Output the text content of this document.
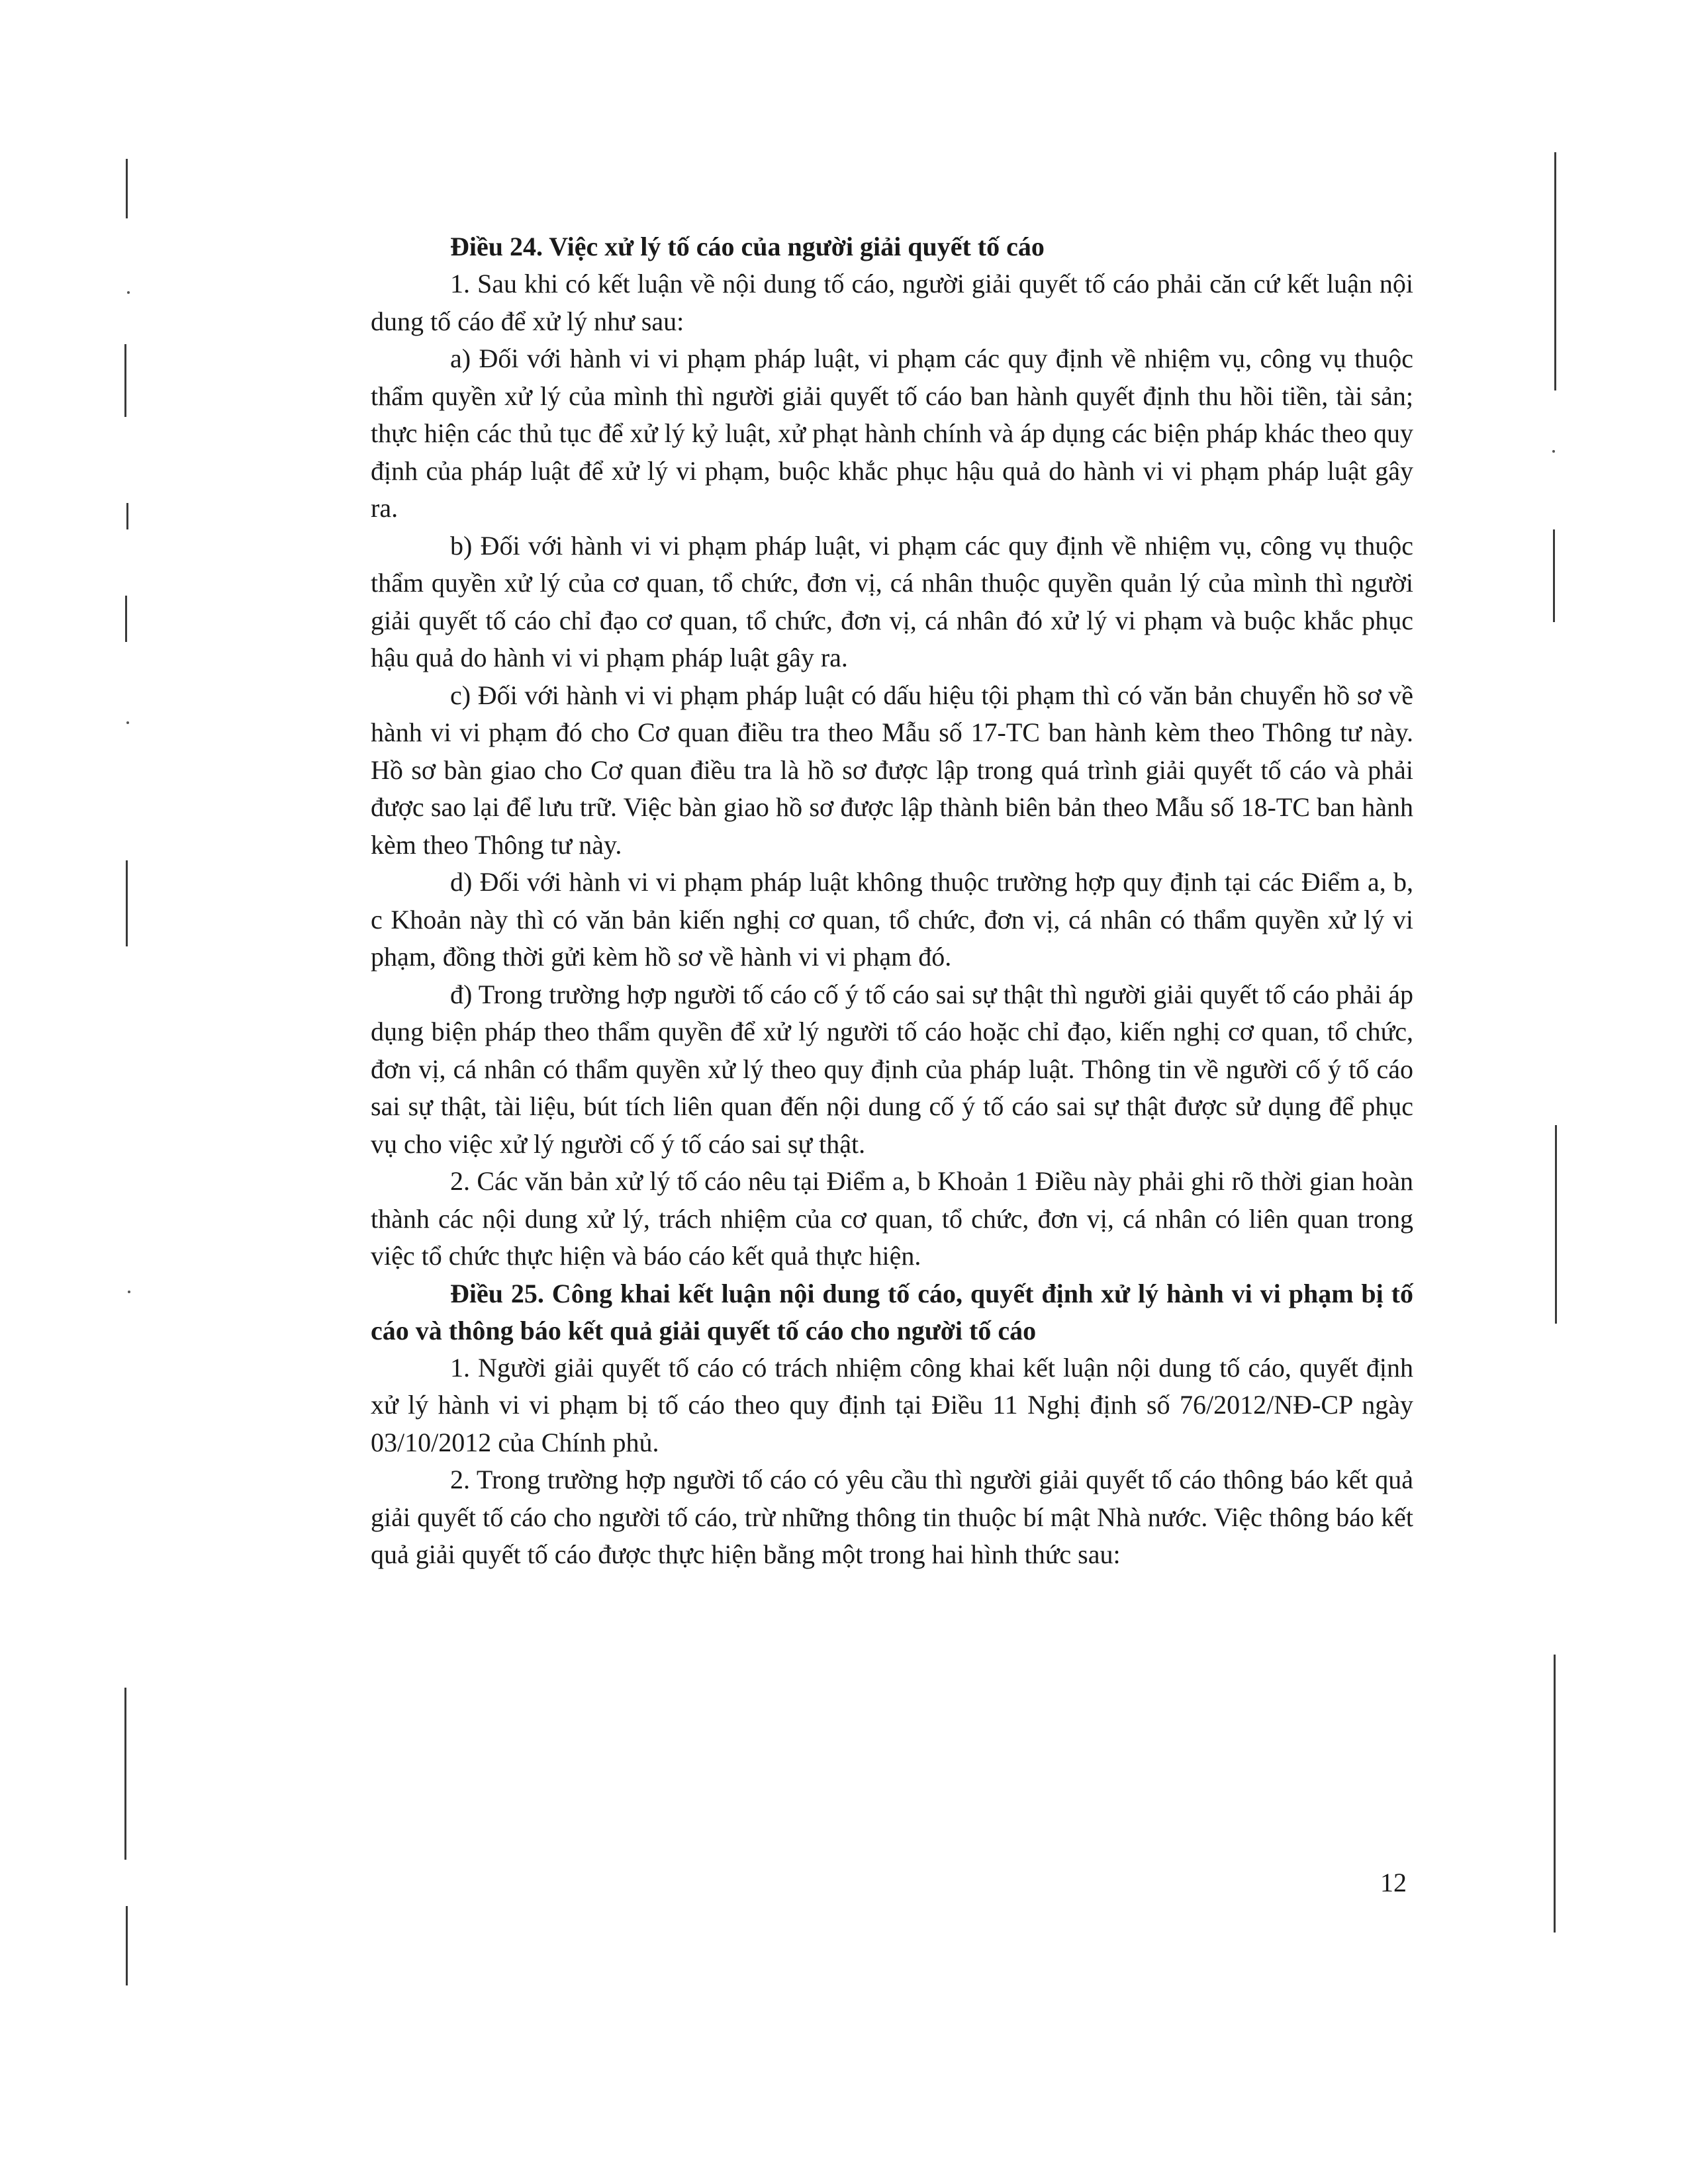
Điều 24. Việc xử lý tố cáo của người giải quyết tố cáo

1. Sau khi có kết luận về nội dung tố cáo, người giải quyết tố cáo phải căn cứ kết luận nội dung tố cáo để xử lý như sau:

a) Đối với hành vi vi phạm pháp luật, vi phạm các quy định về nhiệm vụ, công vụ thuộc thẩm quyền xử lý của mình thì người giải quyết tố cáo ban hành quyết định thu hồi tiền, tài sản; thực hiện các thủ tục để xử lý kỷ luật, xử phạt hành chính và áp dụng các biện pháp khác theo quy định của pháp luật để xử lý vi phạm, buộc khắc phục hậu quả do hành vi vi phạm pháp luật gây ra.

b) Đối với hành vi vi phạm pháp luật, vi phạm các quy định về nhiệm vụ, công vụ thuộc thẩm quyền xử lý của cơ quan, tổ chức, đơn vị, cá nhân thuộc quyền quản lý của mình thì người giải quyết tố cáo chỉ đạo cơ quan, tổ chức, đơn vị, cá nhân đó xử lý vi phạm và buộc khắc phục hậu quả do hành vi vi phạm pháp luật gây ra.

c) Đối với hành vi vi phạm pháp luật có dấu hiệu tội phạm thì có văn bản chuyển hồ sơ về hành vi vi phạm đó cho Cơ quan điều tra theo Mẫu số 17-TC ban hành kèm theo Thông tư này. Hồ sơ bàn giao cho Cơ quan điều tra là hồ sơ được lập trong quá trình giải quyết tố cáo và phải được sao lại để lưu trữ. Việc bàn giao hồ sơ được lập thành biên bản theo Mẫu số 18-TC ban hành kèm theo Thông tư này.

d) Đối với hành vi vi phạm pháp luật không thuộc trường hợp quy định tại các Điểm a, b, c Khoản này thì có văn bản kiến nghị cơ quan, tổ chức, đơn vị, cá nhân có thẩm quyền xử lý vi phạm, đồng thời gửi kèm hồ sơ về hành vi vi phạm đó.

đ) Trong trường hợp người tố cáo cố ý tố cáo sai sự thật thì người giải quyết tố cáo phải áp dụng biện pháp theo thẩm quyền để xử lý người tố cáo hoặc chỉ đạo, kiến nghị cơ quan, tổ chức, đơn vị, cá nhân có thẩm quyền xử lý theo quy định của pháp luật. Thông tin về người cố ý tố cáo sai sự thật, tài liệu, bút tích liên quan đến nội dung cố ý tố cáo sai sự thật được sử dụng để phục vụ cho việc xử lý người cố ý tố cáo sai sự thật.

2. Các văn bản xử lý tố cáo nêu tại Điểm a, b Khoản 1 Điều này phải ghi rõ thời gian hoàn thành các nội dung xử lý, trách nhiệm của cơ quan, tổ chức, đơn vị, cá nhân có liên quan trong việc tổ chức thực hiện và báo cáo kết quả thực hiện.

Điều 25. Công khai kết luận nội dung tố cáo, quyết định xử lý hành vi vi phạm bị tố cáo và thông báo kết quả giải quyết tố cáo cho người tố cáo

1. Người giải quyết tố cáo có trách nhiệm công khai kết luận nội dung tố cáo, quyết định xử lý hành vi vi phạm bị tố cáo theo quy định tại Điều 11 Nghị định số 76/2012/NĐ-CP ngày 03/10/2012 của Chính phủ.

2. Trong trường hợp người tố cáo có yêu cầu thì người giải quyết tố cáo thông báo kết quả giải quyết tố cáo cho người tố cáo, trừ những thông tin thuộc bí mật Nhà nước. Việc thông báo kết quả giải quyết tố cáo được thực hiện bằng một trong hai hình thức sau:

12
